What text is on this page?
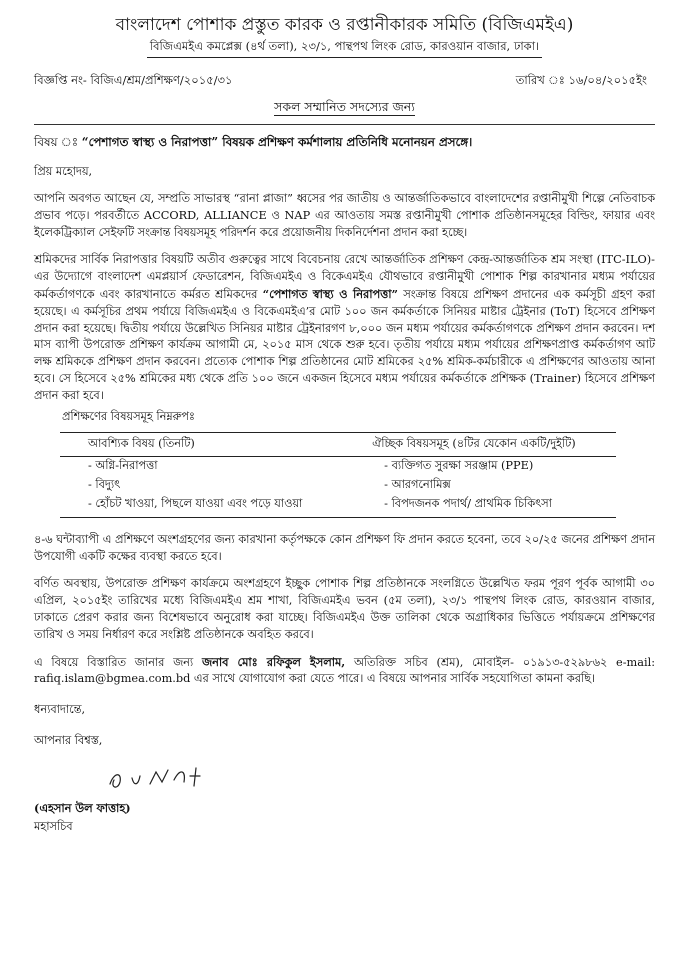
বাংলাদেশ পোশাক প্রস্তুত কারক ও রপ্তানীকারক সমিতি (বিজিএমইএ)
বিজিএমইএ কমপ্লেক্স (৪র্থ তলা), ২৩/১, পান্থপথ লিংক রোড, কারওয়ান বাজার, ঢাকা।
বিজ্ঞপ্তি নং- বিজিএ/শ্রম/প্রশিক্ষণ/২০১৫/৩১	তারিখ ঃ ১৬/০৪/২০১৫ইং
সকল সম্মানিত সদস্যের জন্য
বিষয় ঃ “পেশাগত স্বাস্থ্য ও নিরাপত্তা” বিষয়ক প্রশিক্ষণ কর্মশালায় প্রতিনিধি মনোনয়ন প্রসঙ্গে।
প্রিয় মহোদয়,

আপনি অবগত আছেন যে, সম্প্রতি সাভারস্থ “রানা প্লাজা” ধ্বসের পর জাতীয় ও আন্তর্জাতিকভাবে বাংলাদেশের রপ্তানীমুখী শিল্পে নেতিবাচক প্রভাব পড়ে। পরবর্তীতে ACCORD, ALLIANCE ও NAP এর আওতায় সমস্ত রপ্তানীমুখী পোশাক প্রতিষ্ঠানসমূহের বিল্ডিং, ফায়ার এবং ইলেকট্রিক্যাল সেইফটি সংক্রান্ত বিষয়সমূহ পরিদর্শন করে প্রয়োজনীয় দিকনির্দেশনা প্রদান করা হচ্ছে।

শ্রমিকদের সার্বিক নিরাপত্তার বিষয়টি অতীব গুরুত্বের সাথে বিবেচনায় রেখে আন্তর্জাতিক প্রশিক্ষণ কেন্দ্র-আন্তর্জাতিক শ্রম সংস্থা (ITC-ILO)-এর উদ্যোগে বাংলাদেশ এমপ্লয়ার্স ফেডারেশন, বিজিএমইএ ও বিকেএমইএ যৌথভাবে রপ্তানীমুখী পোশাক শিল্প কারখানার মধ্যম পর্যায়ের কর্মকর্তাগণকে এবং কারখানাতে কর্মরত শ্রমিকদের “পেশাগত স্বাস্থ্য ও নিরাপত্তা” সংক্রান্ত বিষয়ে প্রশিক্ষণ প্রদানের এক কর্মসূচী গ্রহণ করা হয়েছে। এ কর্মসূচির প্রথম পর্যায়ে বিজিএমইএ ও বিকেএমইএ’র মোট ১০০ জন কর্মকর্তাকে সিনিয়র মাষ্টার ট্রেইনার (ToT) হিসেবে প্রশিক্ষণ প্রদান করা হয়েছে। দ্বিতীয় পর্যায়ে উল্লেখিত সিনিয়র মাষ্টার ট্রেইনারগণ ৮,০০০ জন মধ্যম পর্যায়ের কর্মকর্তাগণকে প্রশিক্ষণ প্রদান করবেন। দশ মাস ব্যাপী উপরোক্ত প্রশিক্ষণ কার্যক্রম আগামী মে, ২০১৫ মাস থেকে শুরু হবে। তৃতীয় পর্যায়ে মধ্যম পর্যায়ের প্রশিক্ষণপ্রাপ্ত কর্মকর্তাগণ আট লক্ষ শ্রমিককে প্রশিক্ষণ প্রদান করবেন। প্রত্যেক পোশাক শিল্প প্রতিষ্ঠানের মোট শ্রমিকের ২৫% শ্রমিক-কর্মচারীকে এ প্রশিক্ষণের আওতায় আনা হবে। সে হিসেবে ২৫% শ্রমিকের মধ্য থেকে প্রতি ১০০ জনে একজন হিসেবে মধ্যম পর্যায়ের কর্মকর্তাকে প্রশিক্ষক (Trainer) হিসেবে প্রশিক্ষণ প্রদান করা হবে।

প্রশিক্ষণের বিষয়সমূহ নিম্নরুপঃ
আবশ্যিক বিষয় (তিনটি)	ঐচ্ছিক বিষয়সমূহ (৪টির যেকোন একটি/দুইটি)
- অগ্নি-নিরাপত্তা	- ব্যক্তিগত সুরক্ষা সরঞ্জাম (PPE)
- বিদ্যুৎ	- আরগনোমিক্স
- হোঁচট খাওয়া, পিছলে যাওয়া এবং পড়ে যাওয়া	- বিপদজনক পদার্থ/ প্রাথমিক চিকিৎসা

৪-৬ ঘন্টাব্যাপী এ প্রশিক্ষণে অংশগ্রহণের জন্য কারখানা কর্তৃপক্ষকে কোন প্রশিক্ষণ ফি প্রদান করতে হবেনা, তবে ২০/২৫ জনের প্রশিক্ষণ প্রদান উপযোগী একটি কক্ষের ব্যবস্থা করতে হবে।

বর্ণিত অবস্থায়, উপরোক্ত প্রশিক্ষণ কার্যক্রমে অংশগ্রহণে ইচ্ছুক পোশাক শিল্প প্রতিষ্ঠানকে সংলগ্নিতে উল্লেখিত ফরম পূরণ পূর্বক আগামী ৩০ এপ্রিল, ২০১৫ইং তারিখের মধ্যে বিজিএমইএ শ্রম শাখা, বিজিএমইএ ভবন (৫ম তলা), ২৩/১ পান্থপথ লিংক রোড, কারওয়ান বাজার, ঢাকাতে প্রেরণ করার জন্য বিশেষভাবে অনুরোধ করা যাচ্ছে। বিজিএমইএ উক্ত তালিকা থেকে অগ্রাধিকার ভিত্তিতে পর্যায়ক্রমে প্রশিক্ষণের তারিখ ও সময় নির্ধারণ করে সংশ্লিষ্ট প্রতিষ্ঠানকে অবহিত করবে।

এ বিষয়ে বিস্তারিত জানার জন্য জনাব মোঃ রফিকুল ইসলাম, অতিরিক্ত সচিব (শ্রম), মোবাইল- ০১৯১৩-৫২৯৮৬২ e-mail: rafiq.islam@bgmea.com.bd এর সাথে যোগাযোগ করা যেতে পারে। এ বিষয়ে আপনার সার্বিক সহযোগিতা কামনা করছি।

ধন্যবাদান্তে,
আপনার বিশ্বস্ত,
(এহসান উল ফাত্তাহ)
মহাসচিব
